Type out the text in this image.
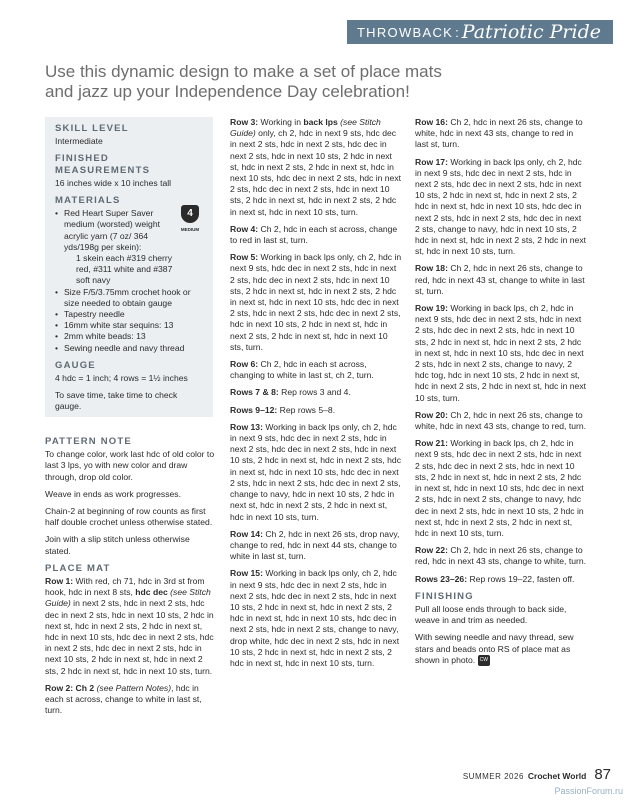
THROWBACK : Patriotic Pride
Use this dynamic design to make a set of place mats and jazz up your Independence Day celebration!
SKILL LEVEL

Intermediate

FINISHED MEASUREMENTS

16 inches wide x 10 inches tall

MATERIALS
• Red Heart Super Saver medium (worsted) weight acrylic yarn (7 oz/ 364 yds/198g per skein):
1 skein each #319 cherry red, #311 white and #387 soft navy
• Size F/5/3.75mm crochet hook or size needed to obtain gauge
• Tapestry needle
• 16mm white star sequins: 13
• 2mm white beads: 13
• Sewing needle and navy thread
4
MEDIUM
GAUGE

4 hdc = 1 inch; 4 rows = 1½ inches

To save time, take time to check gauge.

PATTERN NOTE

To change color, work last hdc of old color to last 3 lps, yo with new color and draw through, drop old color.

Weave in ends as work progresses.

Chain-2 at beginning of row counts as first half double crochet unless otherwise stated.

Join with a slip stitch unless otherwise stated.

PLACE MAT

Row 1: With red, ch 71, hdc in 3rd st from hook, hdc in next 8 sts, hdc dec (see Stitch Guide) in next 2 sts, hdc in next 2 sts, hdc dec in next 2 sts, hdc in next 10 sts, 2 hdc in next st, hdc in next 2 sts, 2 hdc in next st, hdc in next 10 sts, hdc dec in next 2 sts, hdc in next 2 sts, hdc dec in next 2 sts, hdc in next 10 sts, 2 hdc in next st, hdc in next 2 sts, 2 hdc in next st, hdc in next 10 sts, turn.

Row 2: Ch 2 (see Pattern Notes), hdc in each st across, change to white in last st, turn.

Row 3: Working in back lps (see Stitch Guide) only, ch 2, hdc in next 9 sts, hdc dec in next 2 sts, hdc in next 2 sts, hdc dec in next 2 sts, hdc in next 10 sts, 2 hdc in next st, hdc in next 2 sts, 2 hdc in next st, hdc in next 10 sts, hdc dec in next 2 sts, hdc in next 2 sts, hdc dec in next 2 sts, hdc in next 10 sts, 2 hdc in next st, hdc in next 2 sts, 2 hdc in next st, hdc in next 10 sts, turn.

Row 4: Ch 2, hdc in each st across, change to red in last st, turn.

Row 5: Working in back lps only, ch 2, hdc in next 9 sts, hdc dec in next 2 sts, hdc in next 2 sts, hdc dec in next 2 sts, hdc in next 10 sts, 2 hdc in next st, hdc in next 2 sts, 2 hdc in next st, hdc in next 10 sts, hdc dec in next 2 sts, hdc in next 2 sts, hdc dec in next 2 sts, hdc in next 10 sts, 2 hdc in next st, hdc in next 2 sts, 2 hdc in next st, hdc in next 10 sts, turn.

Row 6: Ch 2, hdc in each st across, changing to white in last st, ch 2, turn.

Rows 7 & 8: Rep rows 3 and 4.

Rows 9–12: Rep rows 5–8.

Row 13: Working in back lps only, ch 2, hdc in next 9 sts, hdc dec in next 2 sts, hdc in next 2 sts, hdc dec in next 2 sts, hdc in next 10 sts, 2 hdc in next st, hdc in next 2 sts, hdc in next st, hdc in next 10 sts, hdc dec in next 2 sts, hdc in next 2 sts, hdc dec in next 2 sts, change to navy, hdc in next 10 sts, 2 hdc in next st, hdc in next 2 sts, 2 hdc in next st, hdc in next 10 sts, turn.

Row 14: Ch 2, hdc in next 26 sts, drop navy, change to red, hdc in next 44 sts, change to white in last st, turn.

Row 15: Working in back lps only, ch 2, hdc in next 9 sts, hdc dec in next 2 sts, hdc in next 2 sts, hdc dec in next 2 sts, hdc in next 10 sts, 2 hdc in next st, hdc in next 2 sts, 2 hdc in next st, hdc in next 10 sts, hdc dec in next 2 sts, hdc in next 2 sts, change to navy, drop white, hdc dec in next 2 sts, hdc in next 10 sts, 2 hdc in next st, hdc in next 2 sts, 2 hdc in next st, hdc in next 10 sts, turn.

Row 16: Ch 2, hdc in next 26 sts, change to white, hdc in next 43 sts, change to red in last st, turn.

Row 17: Working in back lps only, ch 2, hdc in next 9 sts, hdc dec in next 2 sts, hdc in next 2 sts, hdc dec in next 2 sts, hdc in next 10 sts, 2 hdc in next st, hdc in next 2 sts, 2 hdc in next st, hdc in next 10 sts, hdc dec in next 2 sts, hdc in next 2 sts, hdc dec in next 2 sts, change to navy, hdc in next 10 sts, 2 hdc in next st, hdc in next 2 sts, 2 hdc in next st, hdc in next 10 sts, turn.

Row 18: Ch 2, hdc in next 26 sts, change to red, hdc in next 43 st, change to white in last st, turn.

Row 19: Working in back lps, ch 2, hdc in next 9 sts, hdc dec in next 2 sts, hdc in next 2 sts, hdc dec in next 2 sts, hdc in next 10 sts, 2 hdc in next st, hdc in next 2 sts, 2 hdc in next st, hdc in next 10 sts, hdc dec in next 2 sts, hdc in next 2 sts, change to navy, 2 hdc tog, hdc in next 10 sts, 2 hdc in next st, hdc in next 2 sts, 2 hdc in next st, hdc in next 10 sts, turn.

Row 20: Ch 2, hdc in next 26 sts, change to white, hdc in next 43 sts, change to red, turn.

Row 21: Working in back lps, ch 2, hdc in next 9 sts, hdc dec in next 2 sts, hdc in next 2 sts, hdc dec in next 2 sts, hdc in next 10 sts, 2 hdc in next st, hdc in next 2 sts, 2 hdc in next st, hdc in next 10 sts, hdc dec in next 2 sts, hdc in next 2 sts, change to navy, hdc dec in next 2 sts, hdc in next 10 sts, 2 hdc in next st, hdc in next 2 sts, 2 hdc in next st, hdc in next 10 sts, turn.

Row 22: Ch 2, hdc in next 26 sts, change to red, hdc in next 43 sts, change to white, turn.

Rows 23–26: Rep rows 19–22, fasten off.

FINISHING

Pull all loose ends through to back side, weave in and trim as needed.

With sewing needle and navy thread, sew stars and beads onto RS of place mat as shown in photo. CW

SUMMER 2026 Crochet World 87
PassionForum.ru
